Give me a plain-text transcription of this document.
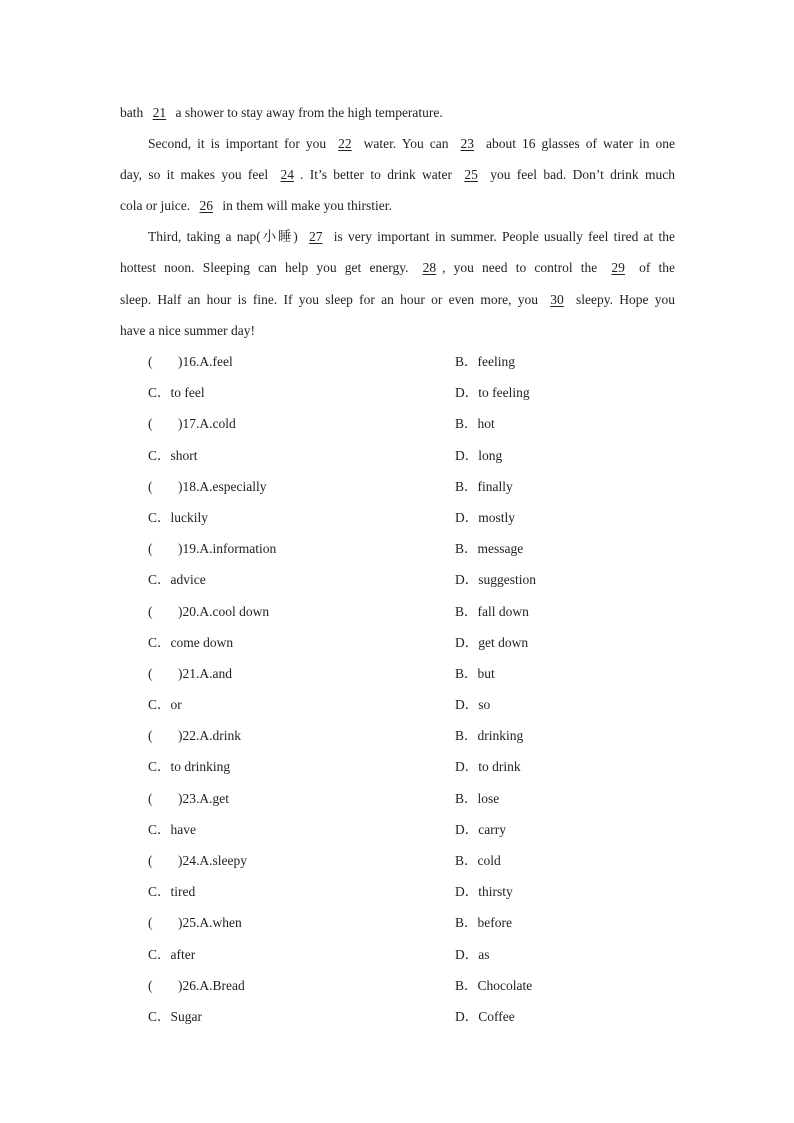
bath 21 a shower to stay away from the high temperature.
Second, it is important for you 22 water. You can 23 about 16 glasses of water in one
day, so it makes you feel 24 . It’s better to drink water 25 you feel bad. Don’t drink much
cola or juice. 26 in them will make you thirstier.
Third, taking a nap(小睡) 27 is very important in summer. People usually feel tired at the
hottest noon. Sleeping can help you get energy. 28 , you need to control the 29 of the
sleep. Half an hour is fine. If you sleep for an hour or even more, you 30 sleepy. Hope you
have a nice summer day!
( )16.A.feel	B．feeling
C．to feel	D．to feeling
( )17.A.cold	B．hot
C．short	D．long
( )18.A.especially	B．finally
C．luckily	D．mostly
( )19.A.information	B．message
C．advice	D．suggestion
( )20.A.cool down	B．fall down
C．come down	D．get down
( )21.A.and	B．but
C．or	D．so
( )22.A.drink	B．drinking
C．to drinking	D．to drink
( )23.A.get	B．lose
C．have	D．carry
( )24.A.sleepy	B．cold
C．tired	D．thirsty
( )25.A.when	B．before
C．after	D．as
( )26.A.Bread	B．Chocolate
C．Sugar	D．Coffee
